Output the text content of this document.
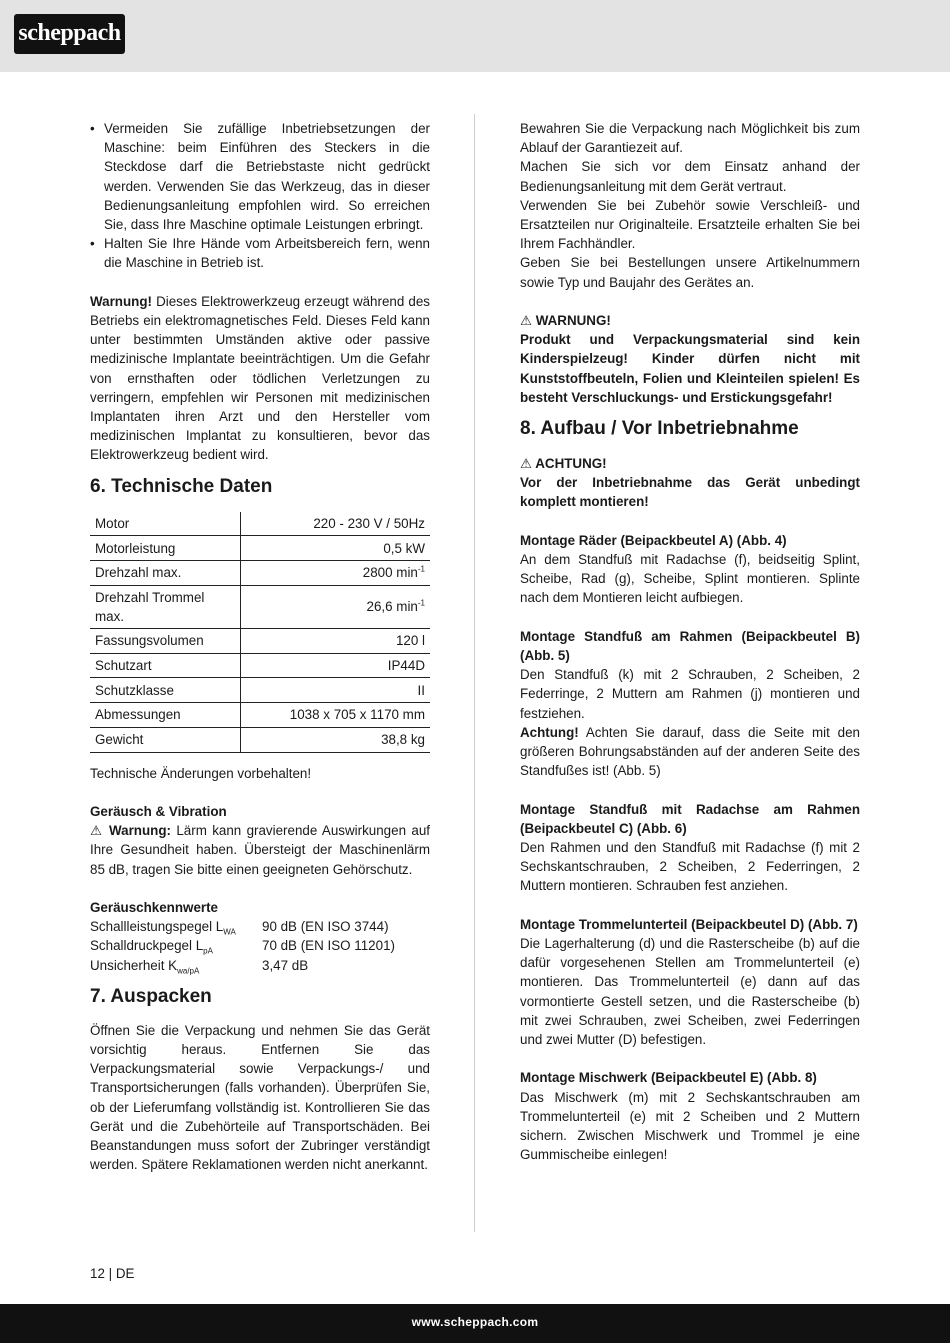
scheppach
• Vermeiden Sie zufällige Inbetriebsetzungen der Maschine: beim Einführen des Steckers in die Steckdose darf die Betriebstaste nicht gedrückt werden. Verwenden Sie das Werkzeug, das in dieser Bedienungsanleitung empfohlen wird. So erreichen Sie, dass Ihre Maschine optimale Leistungen erbringt.
• Halten Sie Ihre Hände vom Arbeitsbereich fern, wenn die Maschine in Betrieb ist.

Warnung! Dieses Elektrowerkzeug erzeugt während des Betriebs ein elektromagnetisches Feld. Dieses Feld kann unter bestimmten Umständen aktive oder passive medizinische Implantate beeinträchtigen. Um die Gefahr von ernsthaften oder tödlichen Verletzungen zu verringern, empfehlen wir Personen mit medizinischen Implantaten ihren Arzt und den Hersteller vom medizinischen Implantat zu konsultieren, bevor das Elektrowerkzeug bedient wird.

6. Technische Daten
Motor	220 - 230 V / 50Hz
Motorleistung	0,5 kW
Drehzahl max.	2800 $\min^{-1}$
Drehzahl Trommel max.	26,6 $\min^{-1}$
Fassungsvolumen	120 l
Schutzart	IP44D
Schutzklasse	II
Abmessungen	1038 x 705 x 1170 mm
Gewicht	38,8 kg

Technische Änderungen vorbehalten!

Geräusch & Vibration

⚠ Warnung: Lärm kann gravierende Auswirkungen auf Ihre Gesundheit haben. Übersteigt der Maschinenlärm 85 dB, tragen Sie bitte einen geeigneten Gehörschutz.

Geräuschkennwerte

Schallleistungspegel $L_{WA}$	90 dB (EN ISO 3744)
Schalldruckpegel $L_{pA}$	70 dB (EN ISO 11201)
Unsicherheit $K_{wa/pA}$	3,47 dB
7. Auspacken

Öffnen Sie die Verpackung und nehmen Sie das Gerät vorsichtig heraus. Entfernen Sie das Verpackungsmaterial sowie Verpackungs-/ und Transportsicherungen (falls vorhanden). Überprüfen Sie, ob der Lieferumfang vollständig ist. Kontrollieren Sie das Gerät und die Zubehörteile auf Transportschäden. Bei Beanstandungen muss sofort der Zubringer verständigt werden. Spätere Reklamationen werden nicht anerkannt.

Bewahren Sie die Verpackung nach Möglichkeit bis zum Ablauf der Garantiezeit auf.

Machen Sie sich vor dem Einsatz anhand der Bedienungsanleitung mit dem Gerät vertraut.

Verwenden Sie bei Zubehör sowie Verschleiß- und Ersatzteilen nur Originalteile. Ersatzteile erhalten Sie bei Ihrem Fachhändler.

Geben Sie bei Bestellungen unsere Artikelnummern sowie Typ und Baujahr des Gerätes an.

⚠ WARNUNG!

Produkt und Verpackungsmaterial sind kein Kinderspielzeug! Kinder dürfen nicht mit Kunststoffbeuteln, Folien und Kleinteilen spielen! Es besteht Verschluckungs- und Erstickungsgefahr!

8. Aufbau / Vor Inbetriebnahme

⚠ ACHTUNG!

Vor der Inbetriebnahme das Gerät unbedingt komplett montieren!

Montage Räder (Beipackbeutel A) (Abb. 4)

An dem Standfuß mit Radachse (f), beidseitig Splint, Scheibe, Rad (g), Scheibe, Splint montieren. Splinte nach dem Montieren leicht aufbiegen.

Montage Standfuß am Rahmen (Beipackbeutel B) (Abb. 5)

Den Standfuß (k) mit 2 Schrauben, 2 Scheiben, 2 Federringe, 2 Muttern am Rahmen (j) montieren und festziehen.

Achtung! Achten Sie darauf, dass die Seite mit den größeren Bohrungsabständen auf der anderen Seite des Standfußes ist! (Abb. 5)

Montage Standfuß mit Radachse am Rahmen (Beipackbeutel C) (Abb. 6)

Den Rahmen und den Standfuß mit Radachse (f) mit 2 Sechskantschrauben, 2 Scheiben, 2 Federringen, 2 Muttern montieren. Schrauben fest anziehen.

Montage Trommelunterteil (Beipackbeutel D) (Abb. 7)

Die Lagerhalterung (d) und die Rasterscheibe (b) auf die dafür vorgesehenen Stellen am Trommelunterteil (e) montieren. Das Trommelunterteil (e) dann auf das vormontierte Gestell setzen, und die Rasterscheibe (b) mit zwei Schrauben, zwei Scheiben, zwei Federringen und zwei Mutter (D) befestigen.

Montage Mischwerk (Beipackbeutel E) (Abb. 8)

Das Mischwerk (m) mit 2 Sechskantschrauben am Trommelunterteil (e) mit 2 Scheiben und 2 Muttern sichern. Zwischen Mischwerk und Trommel je eine Gummischeibe einlegen!

12 | DE
www.scheppach.com
